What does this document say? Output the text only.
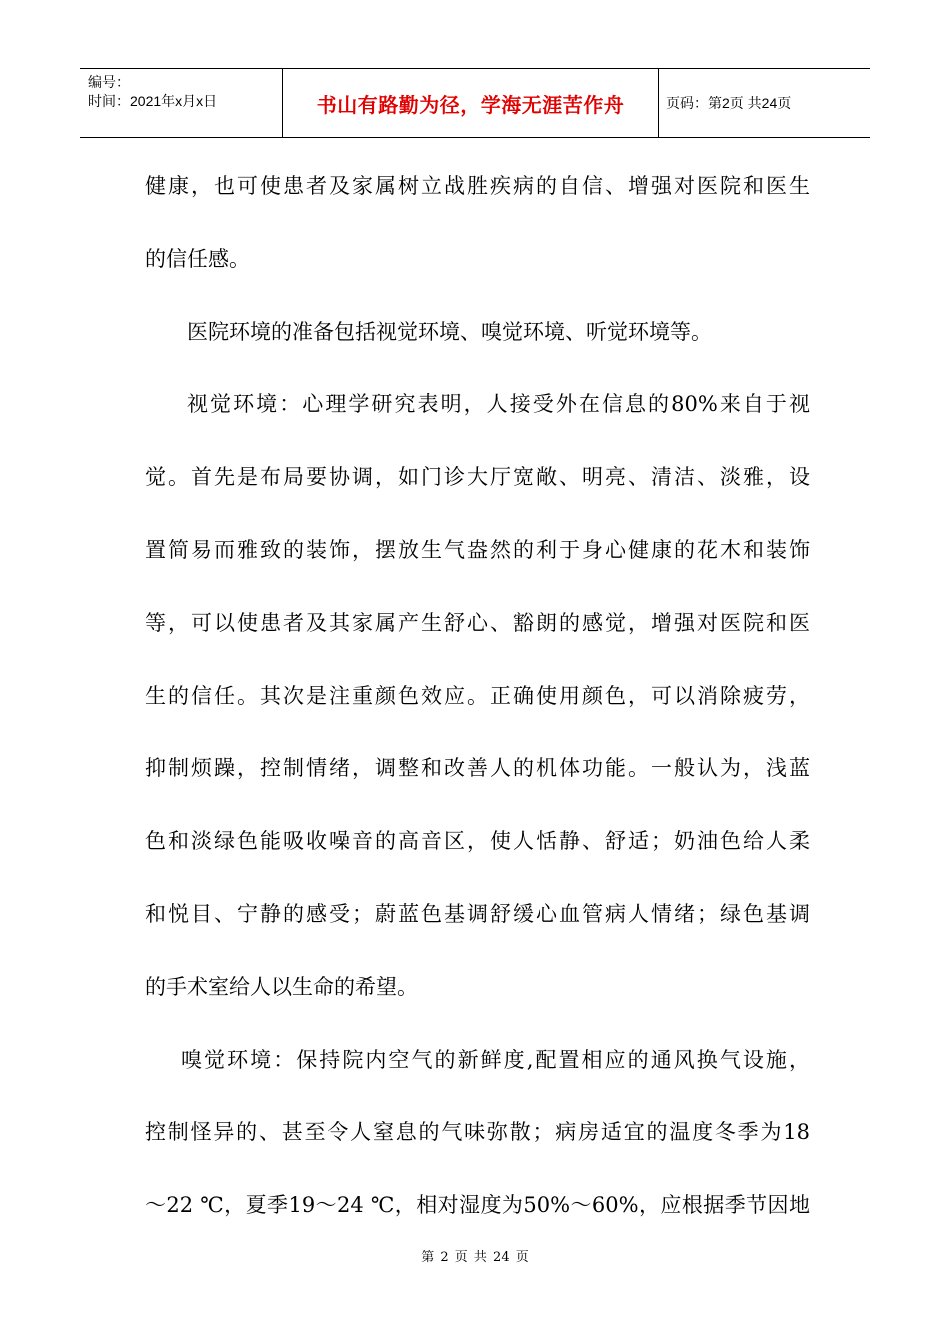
编号：
时间：2021年x月x日	书山有路勤为径，学海无涯苦作舟	页码：第2页 共24页
健康，也可使患者及家属树立战胜疾病的自信、增强对医院和医生
的信任感。
医院环境的准备包括视觉环境、嗅觉环境、听觉环境等。
视觉环境：心理学研究表明，人接受外在信息的80%来自于视
觉。首先是布局要协调，如门诊大厅宽敞、明亮、清洁、淡雅，设
置简易而雅致的装饰，摆放生气盎然的利于身心健康的花木和装饰
等，可以使患者及其家属产生舒心、豁朗的感觉，增强对医院和医
生的信任。其次是注重颜色效应。正确使用颜色，可以消除疲劳，
抑制烦躁，控制情绪，调整和改善人的机体功能。一般认为，浅蓝
色和淡绿色能吸收噪音的高音区，使人恬静、舒适；奶油色给人柔
和悦目、宁静的感受；蔚蓝色基调舒缓心血管病人情绪；绿色基调
的手术室给人以生命的希望。
嗅觉环境：保持院内空气的新鲜度,配置相应的通风换气设施，
控制怪异的、甚至令人窒息的气味弥散；病房适宜的温度冬季为18
～22 ℃，夏季19～24 ℃，相对湿度为50%～60%，应根据季节因地
第 2 页 共 24 页
